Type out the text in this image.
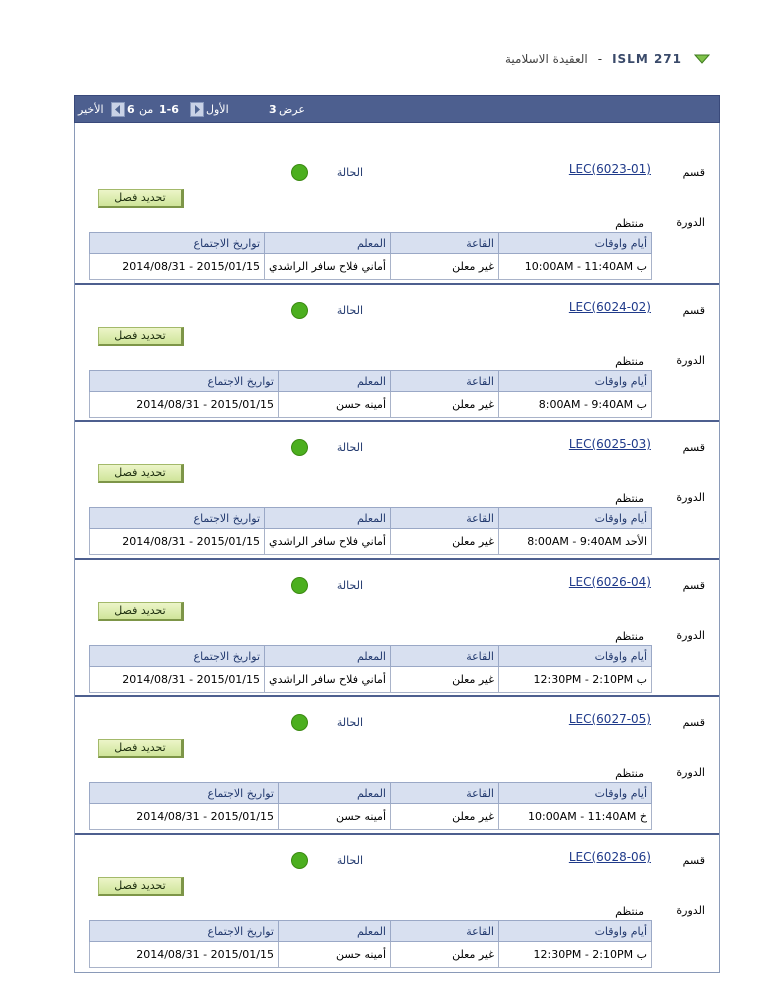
العقيدة الاسلامية - ISLM 271
الأخير 6 من 1-6 الأول	3 عرض
قسم
LEC(6023-01)
الحالة
تحديد فصل
الدورة
منتظم
أيام واوقات	القاعة	المعلم	تواريخ الاجتماع
10:00AM - 11:40AM ب	غير معلن	أماني فلاح سافر الراشدي	2014/08/31 - 2015/01/15
قسم
LEC(6024-02)
الحالة
تحديد فصل
الدورة
منتظم
أيام واوقات	القاعة	المعلم	تواريخ الاجتماع
8:00AM - 9:40AM ب	غير معلن	أمينه حسن	2014/08/31 - 2015/01/15
قسم
LEC(6025-03)
الحالة
تحديد فصل
الدورة
منتظم
أيام واوقات	القاعة	المعلم	تواريخ الاجتماع
8:00AM - 9:40AM الأحد	غير معلن	أماني فلاح سافر الراشدي	2014/08/31 - 2015/01/15
قسم
LEC(6026-04)
الحالة
تحديد فصل
الدورة
منتظم
أيام واوقات	القاعة	المعلم	تواريخ الاجتماع
12:30PM - 2:10PM ب	غير معلن	أماني فلاح سافر الراشدي	2014/08/31 - 2015/01/15
قسم
LEC(6027-05)
الحالة
تحديد فصل
الدورة
منتظم
أيام واوقات	القاعة	المعلم	تواريخ الاجتماع
10:00AM - 11:40AM خ	غير معلن	أمينه حسن	2014/08/31 - 2015/01/15
قسم
LEC(6028-06)
الحالة
تحديد فصل
الدورة
منتظم
أيام واوقات	القاعة	المعلم	تواريخ الاجتماع
12:30PM - 2:10PM ب	غير معلن	أمينه حسن	2014/08/31 - 2015/01/15
